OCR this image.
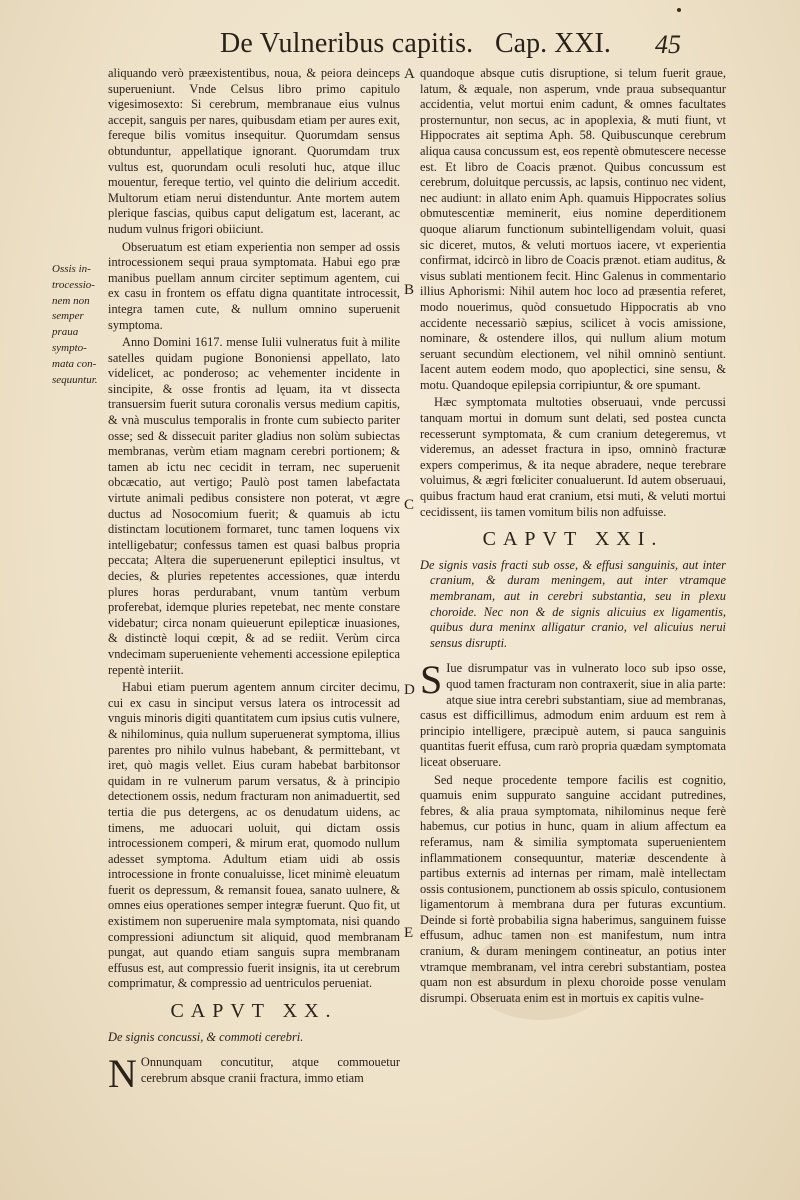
De Vulneribus capitis. Cap. XXI. 45
Ossis in-
trocessio-
nem non
semper
praua
sympto-
mata con-
sequuntur.
A
B
C
D
E

aliquando verò præexistentibus, noua, & peiora deinceps superueniunt. Vnde Celsus libro primo capitulo vigesimosexto: Si cerebrum, membranaue eius vulnus accepit, sanguis per nares, quibusdam etiam per aures exit, fereque bilis vomitus insequitur. Quorumdam sensus obtunduntur, appellatique ignorant. Quorumdam trux vultus est, quorundam oculi resoluti huc, atque illuc mouentur, fereque tertio, vel quinto die delirium accedit. Multorum etiam nerui distenduntur. Ante mortem autem plerique fascias, quibus caput deligatum est, lacerant, ac nudum vulnus frigori obiiciunt.

Obseruatum est etiam experientia non semper ad ossis introcessionem sequi praua symptomata. Habui ego præ manibus puellam annum circiter septimum agentem, cui ex casu in frontem os effatu digna quantitate introcessit, integra tamen cute, & nullum omnino superuenit symptoma.

Anno Domini 1617. mense Iulii vulneratus fuit à milite satelles quidam pugione Bononiensi appellato, lato videlicet, ac ponderoso; ac vehementer incidente in sincipite, & osse frontis ad lęuam, ita vt dissecta transuersim fuerit sutura coronalis versus medium capitis, & vnà musculus temporalis in fronte cum subiecto pariter osse; sed & dissecuit pariter gladius non solùm subiectas membranas, verùm etiam magnam cerebri portionem; & tamen ab ictu nec cecidit in terram, nec superuenit obcæcatio, aut vertigo; Paulò post tamen labefactata virtute animali pedibus consistere non poterat, vt ægre ductus ad Nosocomium fuerit; & quamuis ab ictu distinctam locutionem formaret, tunc tamen loquens vix intelligebatur; confessus tamen est quasi balbus propria peccata; Altera die superuenerunt epileptici insultus, vt decies, & pluries repetentes accessiones, quæ interdu plures horas perdurabant, vnum tantùm verbum proferebat, idemque pluries repetebat, nec mente constare videbatur; circa nonam quieuerunt epilepticæ inuasiones, & distinctè loqui cœpit, & ad se rediit. Verùm circa vndecimam superueniente vehementi accessione epileptica repentè interiit.

Habui etiam puerum agentem annum circiter decimu, cui ex casu in sinciput versus latera os introcessit ad vnguis minoris digiti quantitatem cum ipsius cutis vulnere, & nihilominus, quia nullum superuenerat symptoma, illius parentes pro nihilo vulnus habebant, & permittebant, vt iret, quò magis vellet. Eius curam habebat barbitonsor quidam in re vulnerum parum versatus, & à principio detectionem ossis, nedum fracturam non animaduertit, sed tertia die pus detergens, ac os denudatum uidens, ac timens, me aduocari uoluit, qui dictam ossis introcessionem comperi, & mirum erat, quomodo nullum adesset symptoma. Adultum etiam uidi ab ossis introcessione in fronte conualuisse, licet minimè eleuatum fuerit os depressum, & remansit fouea, sanato uulnere, & omnes eius operationes semper integræ fuerunt. Quo fit, ut existimem non superuenire mala symptomata, nisi quando compressioni adiunctum sit aliquid, quod membranam pungat, aut quando etiam sanguis supra membranam effusus est, aut compressio fuerit insignis, ita ut cerebrum comprimatur, & compressio ad uentriculos perueniat.

CAPVT XX.
De signis concussi, & commoti cerebri.

N Onnunquam concutitur, atque commouetur cerebrum absque cranii fractura, immo etiam

quandoque absque cutis disruptione, si telum fuerit graue, latum, & æquale, non asperum, vnde praua subsequantur accidentia, velut mortui enim cadunt, & omnes facultates prosternuntur, non secus, ac in apoplexia, & muti fiunt, vt Hippocrates ait septima Aph. 58. Quibuscunque cerebrum aliqua causa concussum est, eos repentè obmutescere necesse est. Et libro de Coacis prænot. Quibus concussum est cerebrum, doluitque percussis, ac lapsis, continuo nec vident, nec audiunt: in allato enim Aph. quamuis Hippocrates solius obmutescentiæ meminerit, eius nomine deperditionem quoque aliarum functionum subintelligendam voluit, quasi sic diceret, mutos, & veluti mortuos iacere, vt experientia confirmat, idcircò in libro de Coacis prænot. etiam auditus, & visus sublati mentionem fecit. Hinc Galenus in commentario illius Aphorismi: Nihil autem hoc loco ad præsentia referet, modo nouerimus, quòd consuetudo Hippocratis ab vno accidente necessariò sæpius, scilicet à vocis amissione, nominare, & ostendere illos, qui nullum alium motum seruant secundùm electionem, vel nihil omninò sentiunt. Iacent autem eodem modo, quo apoplectici, sine sensu, & motu. Quandoque epilepsia corripiuntur, & ore spumant.

Hæc symptomata multoties obseruaui, vnde percussi tanquam mortui in domum sunt delati, sed postea cuncta recesserunt symptomata, & cum cranium detegeremus, vt videremus, an adesset fractura in ipso, omninò fracturæ expers comperimus, & ita neque abradere, neque terebrare voluimus, & ægri fœliciter conualuerunt. Id autem obseruaui, quibus fractum haud erat cranium, etsi muti, & veluti mortui cecidissent, iis tamen vomitum bilis non adfuisse.

CAPVT XXI.
De signis vasis fracti sub osse, & effusi sanguinis, aut inter cranium, & duram meningem, aut inter vtramque membranam, aut in cerebri substantia, seu in plexu choroide. Nec non & de signis alicuius ex ligamentis, quibus dura meninx alligatur cranio, vel alicuius nerui sensus disrupti.

S Iue disrumpatur vas in vulnerato loco sub ipso osse, quod tamen fracturam non contraxerit, siue in alia parte: atque siue intra cerebri substantiam, siue ad membranas, casus est difficillimus, admodum enim arduum est rem à principio intelligere, præcipuè autem, si pauca sanguinis quantitas fuerit effusa, cum rarò propria quædam symptomata liceat obseruare.

Sed neque procedente tempore facilis est cognitio, quamuis enim suppurato sanguine accidant putredines, febres, & alia praua symptomata, nihilominus neque ferè habemus, cur potius in hunc, quam in alium affectum ea referamus, nam & similia symptomata superuenientem inflammationem consequuntur, materiæ descendente à partibus externis ad internas per rimam, malè intellectam ossis contusionem, punctionem ab ossis spiculo, contusionem ligamentorum à membrana dura per futuras excuntium. Deinde si fortè probabilia signa haberimus, sanguinem fuisse effusum, adhuc tamen non est manifestum, num intra cranium, & duram meningem contineatur, an potius inter vtramque membranam, vel intra cerebri substantiam, postea quam non est absurdum in plexu choroide posse venulam disrumpi. Obseruata enim est in mortuis ex capitis vulne-
